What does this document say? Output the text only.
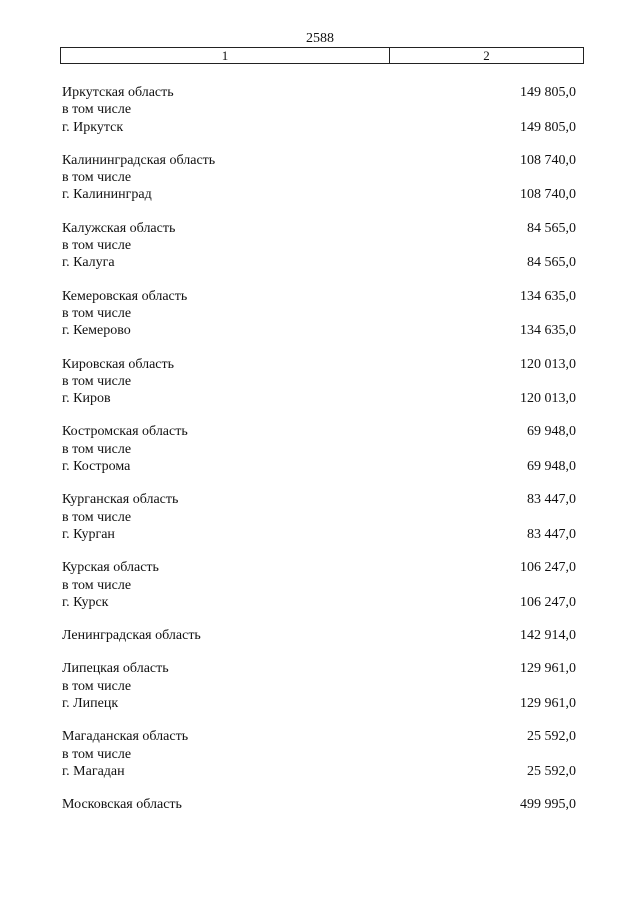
2588
1	2
Иркутская область	149 805,0
в том числе
г. Иркутск	149 805,0
Калининградская область	108 740,0
в том числе
г. Калининград	108 740,0
Калужская область	84 565,0
в том числе
г. Калуга	84 565,0
Кемеровская область	134 635,0
в том числе
г. Кемерово	134 635,0
Кировская область	120 013,0
в том числе
г. Киров	120 013,0
Костромская область	69 948,0
в том числе
г. Кострома	69 948,0
Курганская область	83 447,0
в том числе
г. Курган	83 447,0
Курская область	106 247,0
в том числе
г. Курск	106 247,0
Ленинградская область	142 914,0
Липецкая область	129 961,0
в том числе
г. Липецк	129 961,0
Магаданская область	25 592,0
в том числе
г. Магадан	25 592,0
Московская область	499 995,0
